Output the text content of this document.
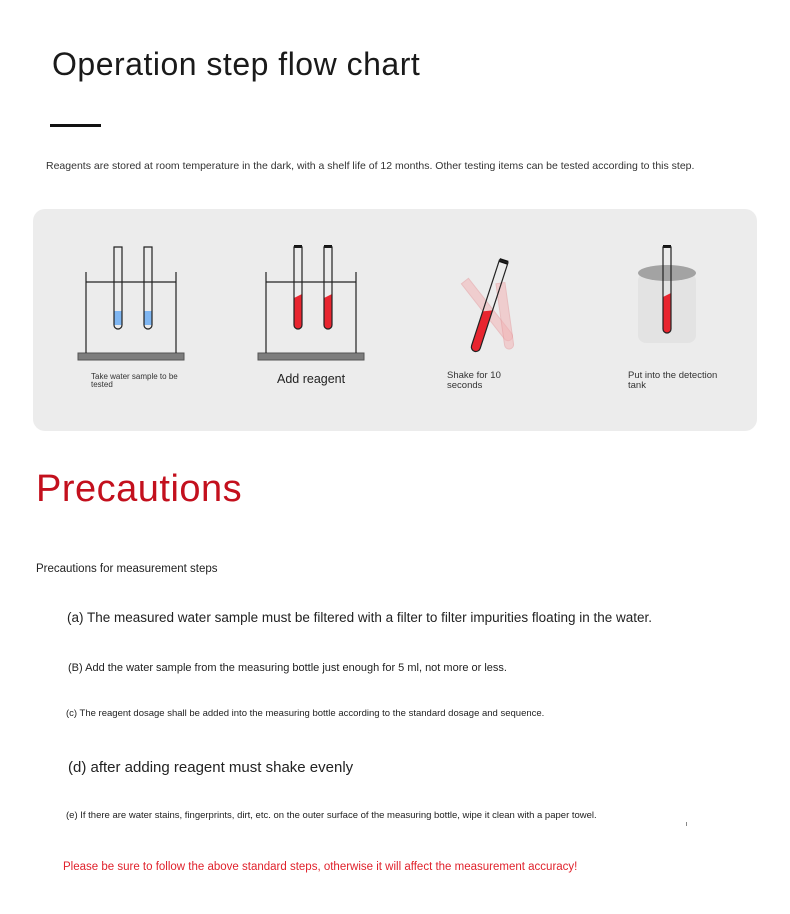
Operation step flow chart
Reagents are stored at room temperature in the dark, with a shelf life of 12 months. Other testing items can be tested according to this step.
Take water sample to be tested	Add reagent	Shake for 10 seconds
Put into the detection tank
Precautions
Precautions for measurement steps
(a) The measured water sample must be filtered with a filter to filter impurities floating in the water.
(B) Add the water sample from the measuring bottle just enough for 5 ml, not more or less.
(c) The reagent dosage shall be added into the measuring bottle according to the standard dosage and sequence.
(d) after adding reagent must shake evenly
(e) If there are water stains, fingerprints, dirt, etc. on the outer surface of the measuring bottle, wipe it clean with a paper towel.
Please be sure to follow the above standard steps, otherwise it will affect the measurement accuracy!
